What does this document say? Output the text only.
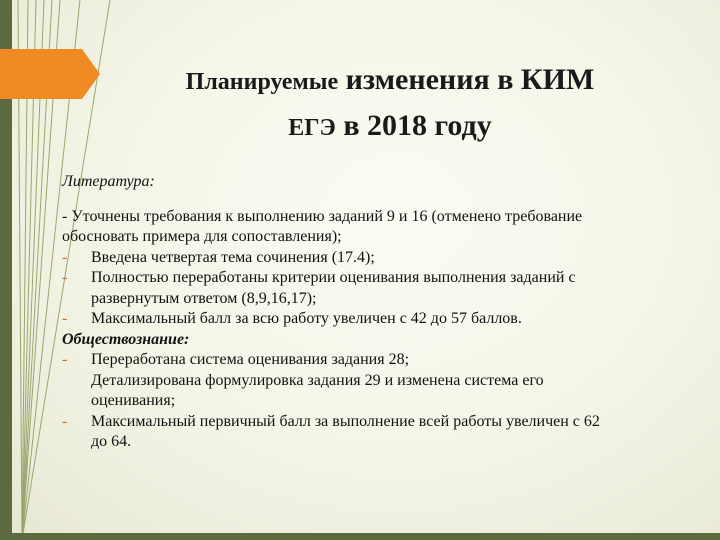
Планируемые изменения в КИМ
ЕГЭ в 2018 году
Литература:
- Уточнены требования к выполнению заданий 9 и 16 (отменено требование
обосновать примера для сопоставления);
- Введена четвертая тема сочинения (17.4);
- Полностью переработаны критерии оценивания выполнения заданий с
развернутым ответом (8,9,16,17);
- Максимальный балл за всю работу увеличен с 42 до 57 баллов.
Обществознание:
- Переработана система оценивания задания 28;
Детализирована формулировка задания 29 и изменена система его
оценивания;
- Максимальный первичный балл за выполнение всей работы увеличен с 62
до 64.
